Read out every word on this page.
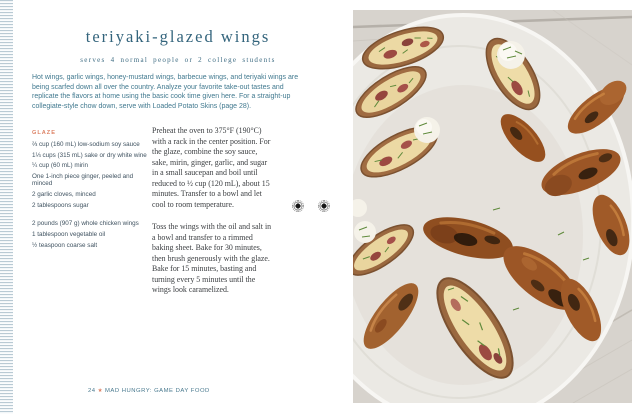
teriyaki-glazed wings
serves 4 normal people or 2 college students
Hot wings, garlic wings, honey-mustard wings, barbecue wings, and teriyaki wings are being scarfed down all over the country. Analyze your favorite take-out tastes and replicate the flavors at home using the basic cook time given here. For a straight-up collegiate-style chow down, serve with Loaded Potato Skins (page 28).
GLAZE
⅔ cup (160 mL) low-sodium soy sauce
1⅓ cups (315 mL) sake or dry white wine
¼ cup (60 mL) mirin
One 1-inch piece ginger, peeled and minced
2 garlic cloves, minced
2 tablespoons sugar
2 pounds (907 g) whole chicken wings
1 tablespoon vegetable oil
½ teaspoon coarse salt

Preheat the oven to 375°F (190°C) with a rack in the center position. For the glaze, combine the soy sauce, sake, mirin, ginger, garlic, and sugar in a small saucepan and boil until reduced to ½ cup (120 mL), about 15 minutes. Transfer to a bowl and let cool to room temperature.

Toss the wings with the oil and salt in a bowl and transfer to a rimmed baking sheet. Bake for 30 minutes, then brush generously with the glaze. Bake for 15 minutes, basting and turning every 5 minutes until the wings look caramelized.

24 ★ MAD HUNGRY: GAME DAY FOOD
